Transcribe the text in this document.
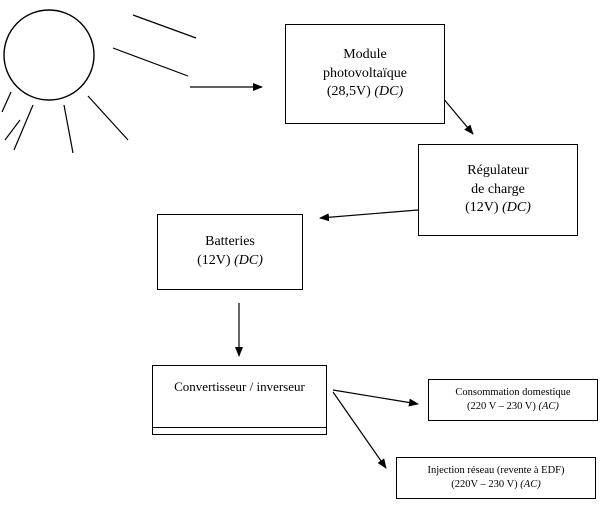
Module
photovoltaïque
(28,5V) (DC)
Régulateur
de charge
(12V) (DC)
Batteries
(12V) (DC)
Convertisseur / inverseur	Consommation domestique
(220 V – 230 V) (AC)
Injection réseau (revente à EDF)
(220V – 230 V) (AC)
